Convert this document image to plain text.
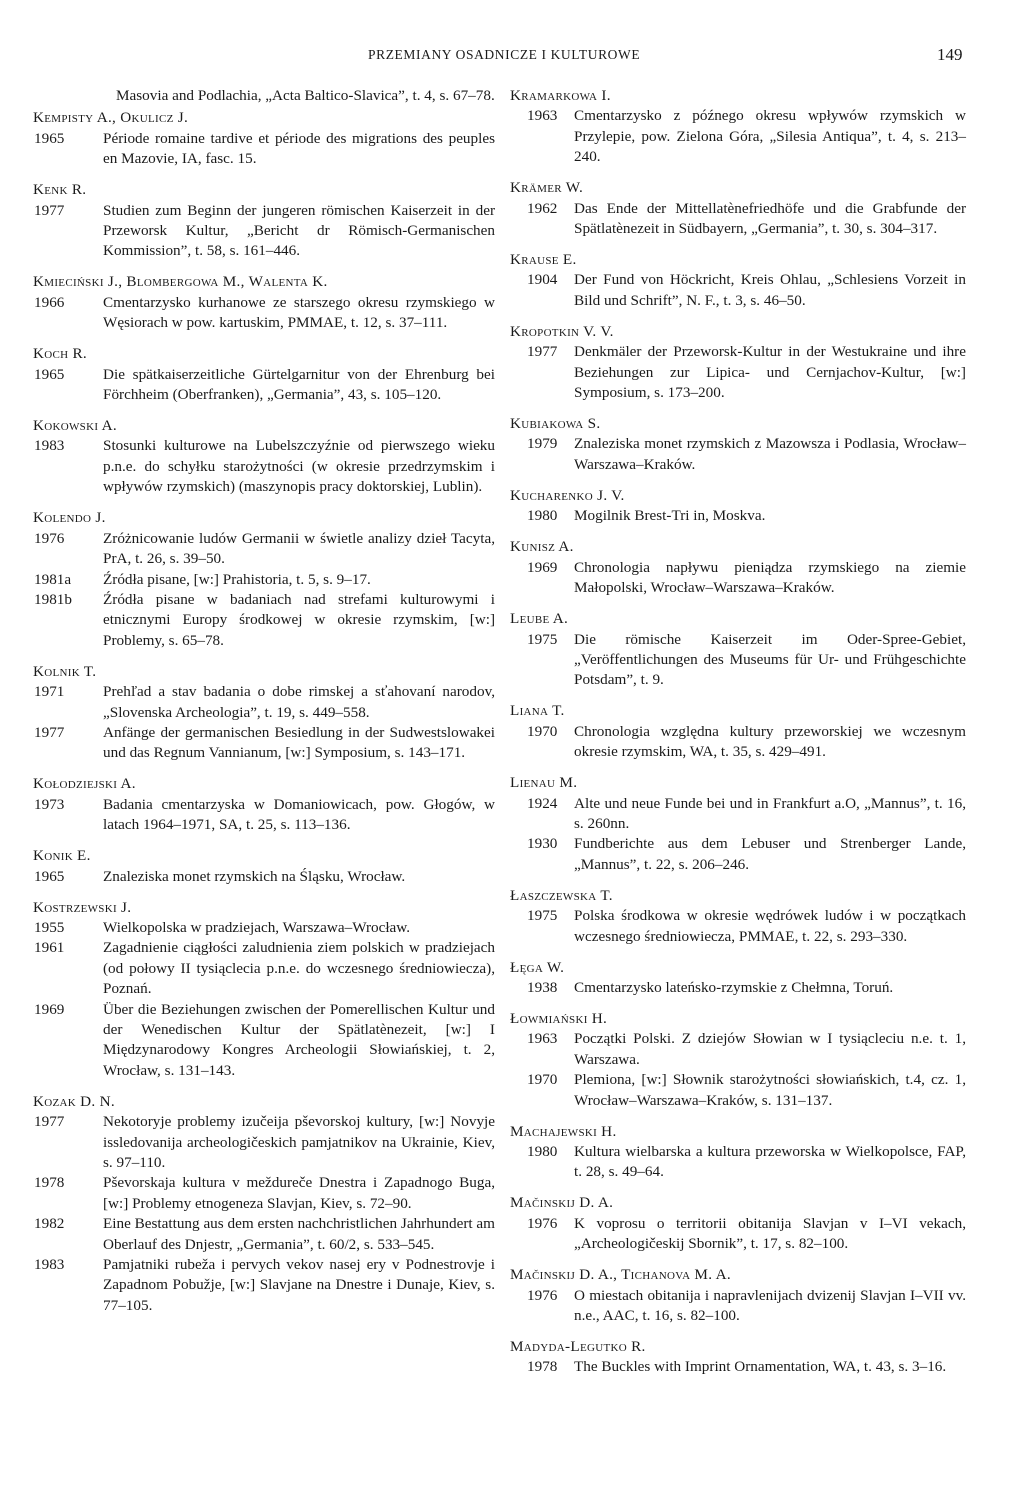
PRZEMIANY OSADNICZE I KULTUROWE	149
Masovia and Podlachia, „Acta Baltico-Slavica”, t. 4, s. 67–78.
Kempisty A., Okulicz J.
1965	Période romaine tardive et période des migrations des peuples en Mazovie, IA, fasc. 15.
Kenk R.
1977	Studien zum Beginn der jungeren römischen Kaiserzeit in der Przeworsk Kultur, „Bericht dr Römisch-Germanischen Kommission”, t. 58, s. 161–446.
Kmieciński J., Blombergowa M., Walenta K.
1966	Cmentarzysko kurhanowe ze starszego okresu rzymskiego w Węsiorach w pow. kartuskim, PMMAE, t. 12, s. 37–111.
Koch R.
1965	Die spätkaiserzeitliche Gürtelgarnitur von der Ehrenburg bei Förchheim (Oberfranken), „Germania”, 43, s. 105–120.
Kokowski A.
1983	Stosunki kulturowe na Lubelszczyźnie od pierwszego wieku p.n.e. do schyłku starożytności (w okresie przedrzymskim i wpływów rzymskich) (maszynopis pracy doktorskiej, Lublin).
Kolendo J.
1976	Zróżnicowanie ludów Germanii w świetle analizy dzieł Tacyta, PrA, t. 26, s. 39–50.
1981a	Źródła pisane, [w:] Prahistoria, t. 5, s. 9–17.
1981b	Źródła pisane w badaniach nad strefami kulturowymi i etnicznymi Europy środkowej w okresie rzymskim, [w:] Problemy, s. 65–78.
Kolnik T.
1971	Prehľad a stav badania o dobe rimskej a sťahovaní narodov, „Slovenska Archeologia”, t. 19, s. 449–558.
1977	Anfänge der germanischen Besiedlung in der Sudwestslowakei und das Regnum Vannianum, [w:] Symposium, s. 143–171.
Kołodziejski A.
1973	Badania cmentarzyska w Domaniowicach, pow. Głogów, w latach 1964–1971, SA, t. 25, s. 113–136.
Konik E.
1965	Znaleziska monet rzymskich na Śląsku, Wrocław.
Kostrzewski J.
1955	Wielkopolska w pradziejach, Warszawa–Wrocław.
1961	Zagadnienie ciągłości zaludnienia ziem polskich w pradziejach (od połowy II tysiąclecia p.n.e. do wczesnego średniowiecza), Poznań.
1969	Über die Beziehungen zwischen der Pomerellischen Kultur und der Wenedischen Kultur der Spätlatènezeit, [w:] I Międzynarodowy Kongres Archeologii Słowiańskiej, t. 2, Wrocław, s. 131–143.
Kozak D. N.
1977	Nekotoryje problemy izučeija pševorskoj kultury, [w:] Novyje issledovanija archeologičeskich pamjatnikov na Ukrainie, Kiev, s. 97–110.
1978	Pševorskaja kultura v meždureče Dnestra i Zapadnogo Buga, [w:] Problemy etnogeneza Slavjan, Kiev, s. 72–90.
1982	Eine Bestattung aus dem ersten nachchristlichen Jahrhundert am Oberlauf des Dnjestr, „Germania”, t. 60/2, s. 533–545.
1983	Pamjatniki rubeža i pervych vekov nasej ery v Podnestrovje i Zapadnom Pobužje, [w:] Slavjane na Dnestre i Dunaje, Kiev, s. 77–105.
Kramarkowa I.
1963	Cmentarzysko z późnego okresu wpływów rzymskich w Przylepie, pow. Zielona Góra, „Silesia Antiqua”, t. 4, s. 213–240.
Krämer W.
1962	Das Ende der Mittellatènefriedhöfe und die Grabfunde der Spätlatènezeit in Südbayern, „Germania”, t. 30, s. 304–317.
Krause E.
1904	Der Fund von Höckricht, Kreis Ohlau, „Schlesiens Vorzeit in Bild und Schrift”, N. F., t. 3, s. 46–50.
Kropotkin V. V.
1977	Denkmäler der Przeworsk-Kultur in der Westukraine und ihre Beziehungen zur Lipica- und Cernjachov-Kultur, [w:] Symposium, s. 173–200.
Kubiakowa S.
1979	Znaleziska monet rzymskich z Mazowsza i Podlasia, Wrocław–Warszawa–Kraków.
Kucharenko J. V.
1980	Mogilnik Brest-Tri in, Moskva.
Kunisz A.
1969	Chronologia napływu pieniądza rzymskiego na ziemie Małopolski, Wrocław–Warszawa–Kraków.
Leube A.
1975	Die römische Kaiserzeit im Oder-Spree-Gebiet, „Veröffentlichungen des Museums für Ur- und Frühgeschichte Potsdam”, t. 9.
Liana T.
1970	Chronologia względna kultury przeworskiej we wczesnym okresie rzymskim, WA, t. 35, s. 429–491.
Lienau M.
1924	Alte und neue Funde bei und in Frankfurt a.O, „Mannus”, t. 16, s. 260nn.
1930	Fundberichte aus dem Lebuser und Strenberger Lande, „Mannus”, t. 22, s. 206–246.
Łaszczewska T.
1975	Polska środkowa w okresie wędrówek ludów i w początkach wczesnego średniowiecza, PMMAE, t. 22, s. 293–330.
Łęga W.
1938	Cmentarzysko lateńsko-rzymskie z Chełmna, Toruń.
Łowmiański H.
1963	Początki Polski. Z dziejów Słowian w I tysiącleciu n.e. t. 1, Warszawa.
1970	Plemiona, [w:] Słownik starożytności słowiańskich, t.4, cz. 1, Wrocław–Warszawa–Kraków, s. 131–137.
Machajewski H.
1980	Kultura wielbarska a kultura przeworska w Wielkopolsce, FAP, t. 28, s. 49–64.
Mačinskij D. A.
1976	K voprosu o territorii obitanija Slavjan v I–VI vekach, „Archeologičeskij Sbornik”, t. 17, s. 82–100.
Mačinskij D. A., Tichanova M. A.
1976	O miestach obitanija i napravlenijach dvizenij Slavjan I–VII vv. n.e., AAC, t. 16, s. 82–100.
Madyda-Legutko R.
1978	The Buckles with Imprint Ornamentation, WA, t. 43, s. 3–16.
